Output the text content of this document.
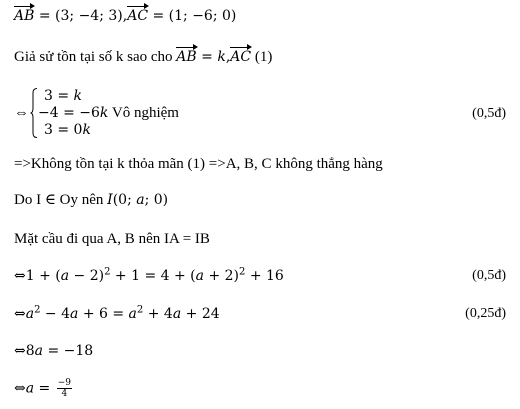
AB = (3; −4; 3),AC = (1; −6; 0)
Giả sử tồn tại số k sao cho AB = k,AC (1)
⇔
3 = k
−4 = −6k Vô nghiệm
3 = 0k
(0,5đ)
=>Không tồn tại k thỏa mãn (1) =>A, B, C không thẳng hàng
Do I ∈ Oy nên I(0; a; 0)
Mặt cầu đi qua A, B nên IA = IB
⇔1 + $(a - 2)^2 + 1 = 4 + (a + 2)^2 + 16$	(0,5đ)
$\Leftrightarrow a^2 - 4a + 6 = a^2 + 4a + 24$	(0,25đ)
⇔8a = −18
⇔a = $\frac{-9}{4}$
